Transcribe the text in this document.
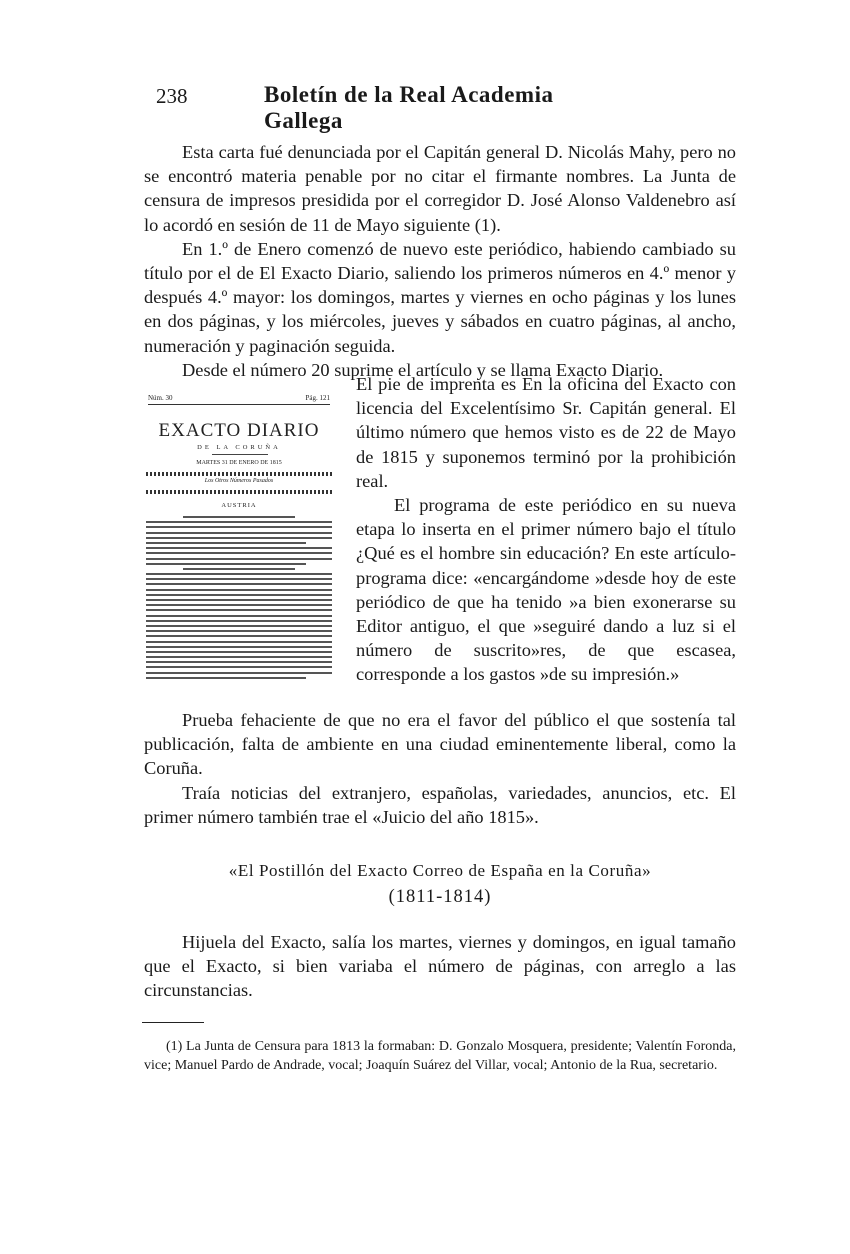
238	Boletín de la Real Academia Gallega

Esta carta fué denunciada por el Capitán general D. Nicolás Mahy, pero no se encontró materia penable por no citar el firmante nombres. La Junta de censura de impresos presidida por el corregidor D. José Alonso Valdenebro así lo acordó en sesión de 11 de Mayo siguiente (1).

En 1.º de Enero comenzó de nuevo este periódico, habiendo cambiado su título por el de El Exacto Diario, saliendo los primeros números en 4.º menor y después 4.º mayor: los domingos, martes y viernes en ocho páginas y los lunes en dos páginas, y los miércoles, jueves y sábados en cuatro páginas, al ancho, numeración y paginación seguida.

Desde el número 20 suprime el artículo y se llama Exacto Diario.

Núm. 30	Pág. 121
EXACTO DIARIO
DE LA CORUÑA
MARTES 31 DE ENERO DE 1815
Los Otros Números Pasados
AUSTRIA

El pie de imprenta es En la oficina del Exacto con licencia del Excelentísimo Sr. Capitán general. El último número que hemos visto es de 22 de Mayo de 1815 y suponemos terminó por la prohibición real.

El programa de este periódico en su nueva etapa lo inserta en el primer número bajo el título ¿Qué es el hombre sin educación? En este artículo-programa dice: «encargándome »desde hoy de este periódico de que ha tenido »a bien exonerarse su Editor antiguo, el que »seguiré dando a luz si el número de suscrito»res, de que escasea, corresponde a los gastos »de su impresión.»

Prueba fehaciente de que no era el favor del público el que sostenía tal publicación, falta de ambiente en una ciudad eminentemente liberal, como la Coruña.

Traía noticias del extranjero, españolas, variedades, anuncios, etc. El primer número también trae el «Juicio del año 1815».

«El Postillón del Exacto Correo de España en la Coruña»
(1811-1814)

Hijuela del Exacto, salía los martes, viernes y domingos, en igual tamaño que el Exacto, si bien variaba el número de páginas, con arreglo a las circunstancias.

(1) La Junta de Censura para 1813 la formaban: D. Gonzalo Mosquera, presidente; Valentín Foronda, vice; Manuel Pardo de Andrade, vocal; Joaquín Suárez del Villar, vocal; Antonio de la Rua, secretario.
